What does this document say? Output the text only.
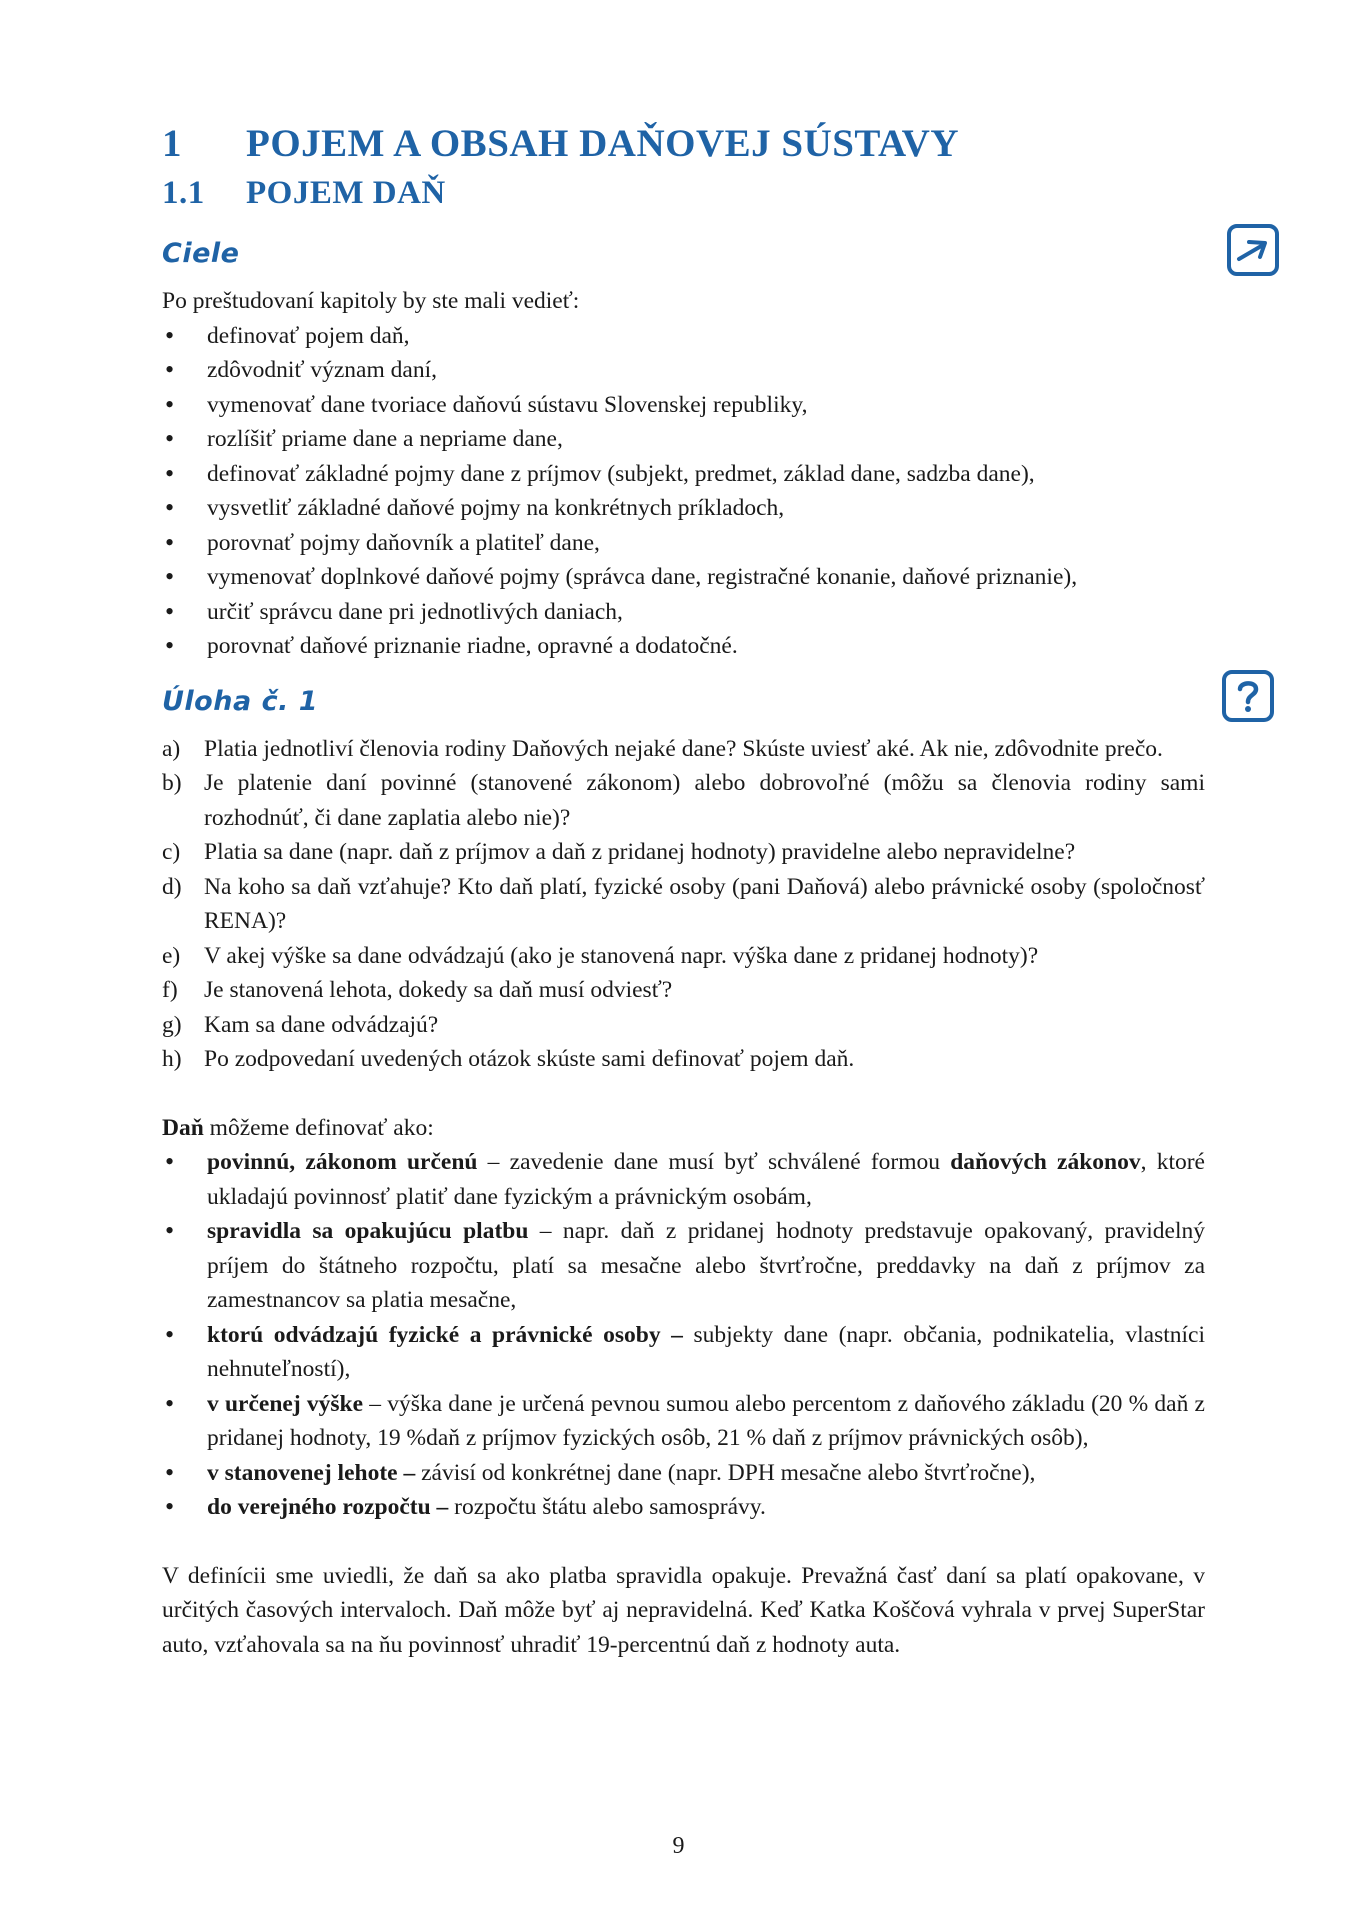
1 POJEM A OBSAH DAŇOVEJ SÚSTAVY
1.1 POJEM DAŇ
Ciele

Po preštudovaní kapitoly by ste mali vedieť:

• definovať pojem daň,
• zdôvodniť význam daní,
• vymenovať dane tvoriace daňovú sústavu Slovenskej republiky,
• rozlíšiť priame dane a nepriame dane,
• definovať základné pojmy dane z príjmov (subjekt, predmet, základ dane, sadzba dane),
• vysvetliť základné daňové pojmy na konkrétnych príkladoch,
• porovnať pojmy daňovník a platiteľ dane,
• vymenovať doplnkové daňové pojmy (správca dane, registračné konanie, daňové priznanie),
• určiť správcu dane pri jednotlivých daniach,
• porovnať daňové priznanie riadne, opravné a dodatočné.
Úloha č. 1
a) Platia jednotliví členovia rodiny Daňových nejaké dane? Skúste uviesť aké. Ak nie, zdôvodnite prečo.
b) Je platenie daní povinné (stanovené zákonom) alebo dobrovoľné (môžu sa členovia rodiny sami rozhodnúť, či dane zaplatia alebo nie)?
c) Platia sa dane (napr. daň z príjmov a daň z pridanej hodnoty) pravidelne alebo nepravidelne?
d) Na koho sa daň vzťahuje? Kto daň platí, fyzické osoby (pani Daňová) alebo právnické osoby (spoločnosť RENA)?
e) V akej výške sa dane odvádzajú (ako je stanovená napr. výška dane z pridanej hodnoty)?
f) Je stanovená lehota, dokedy sa daň musí odviesť?
g) Kam sa dane odvádzajú?
h) Po zodpovedaní uvedených otázok skúste sami definovať pojem daň.

Daň môžeme definovať ako:

• povinnú, zákonom určenú – zavedenie dane musí byť schválené formou daňových zákonov, ktoré ukladajú povinnosť platiť dane fyzickým a právnickým osobám,
• spravidla sa opakujúcu platbu – napr. daň z pridanej hodnoty predstavuje opakovaný, pravidelný príjem do štátneho rozpočtu, platí sa mesačne alebo štvrťročne, preddavky na daň z príjmov za zamestnancov sa platia mesačne,
• ktorú odvádzajú fyzické a právnické osoby – subjekty dane (napr. občania, podnikatelia, vlastníci nehnuteľností),
• v určenej výške – výška dane je určená pevnou sumou alebo percentom z daňového základu (20 % daň z pridanej hodnoty, 19 %daň z príjmov fyzických osôb, 21 % daň z príjmov právnických osôb),
• v stanovenej lehote – závisí od konkrétnej dane (napr. DPH mesačne alebo štvrťročne),
• do verejného rozpočtu – rozpočtu štátu alebo samosprávy.

V definícii sme uviedli, že daň sa ako platba spravidla opakuje. Prevažná časť daní sa platí opakovane, v určitých časových intervaloch. Daň môže byť aj nepravidelná. Keď Katka Koščová vyhrala v prvej SuperStar auto, vzťahovala sa na ňu povinnosť uhradiť 19-percentnú daň z hodnoty auta.

9
